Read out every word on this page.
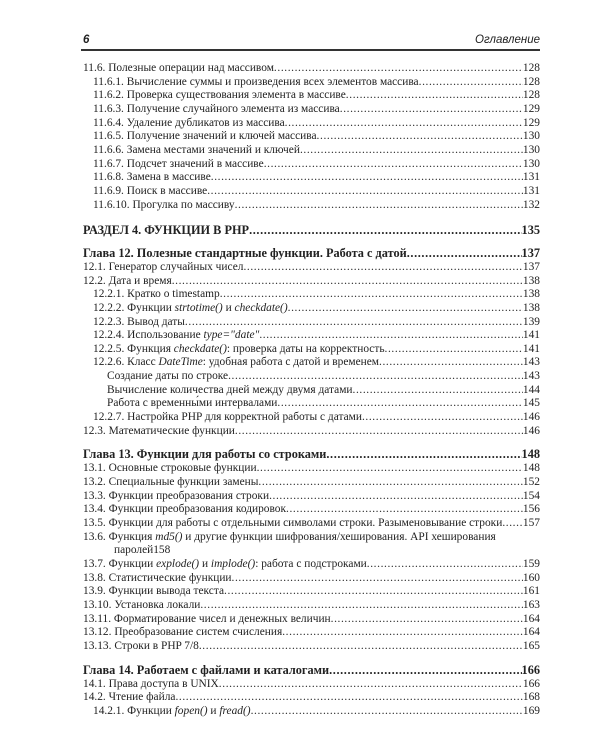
6	Оглавление
11.6. Полезные операции над массивом .....	128
11.6.1. Вычисление суммы и произведения всех элементов массива .....	128
11.6.2. Проверка существования элемента в массиве .....	128
11.6.3. Получение случайного элемента из массива .....	129
11.6.4. Удаление дубликатов из массива .....	129
11.6.5. Получение значений и ключей массива .....	130
11.6.6. Замена местами значений и ключей .....	130
11.6.7. Подсчет значений в массиве .....	130
11.6.8. Замена в массиве .....	131
11.6.9. Поиск в массиве .....	131
11.6.10. Прогулка по массиву .....	132
РАЗДЕЛ 4. ФУНКЦИИ В PHP .....	135
Глава 12. Полезные стандартные функции. Работа с датой .....	137
12.1. Генератор случайных чисел .....	137
12.2. Дата и время .....	138
12.2.1. Кратко о timestamp .....	138
12.2.2. Функции strtotime() и checkdate() .....	138
12.2.3. Вывод даты .....	139
12.2.4. Использование type="date" .....	141
12.2.5. Функция checkdate(): проверка даты на корректность .....	141
12.2.6. Класс DateTime: удобная работа с датой и временем .....	143
Создание даты по строке .....	143
Вычисление количества дней между двумя датами .....	144
Работа с временны́ми интервалами .....	145
12.2.7. Настройка PHP для корректной работы с датами .....	146
12.3. Математические функции .....	146
Глава 13. Функции для работы со строками .....	148
13.1. Основные строковые функции .....	148
13.2. Специальные функции замены .....	152
13.3. Функции преобразования строки .....	154
13.4. Функции преобразования кодировок .....	156
13.5. Функции для работы с отдельными символами строки. Разыменовывание строки ..... 157
13.6. Функция md5() и другие функции шифрования/хеширования. API хеширования
паролей 158
13.7. Функции explode() и implode(): работа с подстроками .....	159
13.8. Статистические функции .....	160
13.9. Функции вывода текста .....	161
13.10. Установка локали .....	163
13.11. Форматирование чисел и денежных величин .....	164
13.12. Преобразование систем счисления .....	164
13.13. Строки в PHP 7/8 .....	165
Глава 14. Работаем с файлами и каталогами .....	166
14.1. Права доступа в UNIX .....	166
14.2. Чтение файла .....	168
14.2.1. Функции fopen() и fread() .....	169
